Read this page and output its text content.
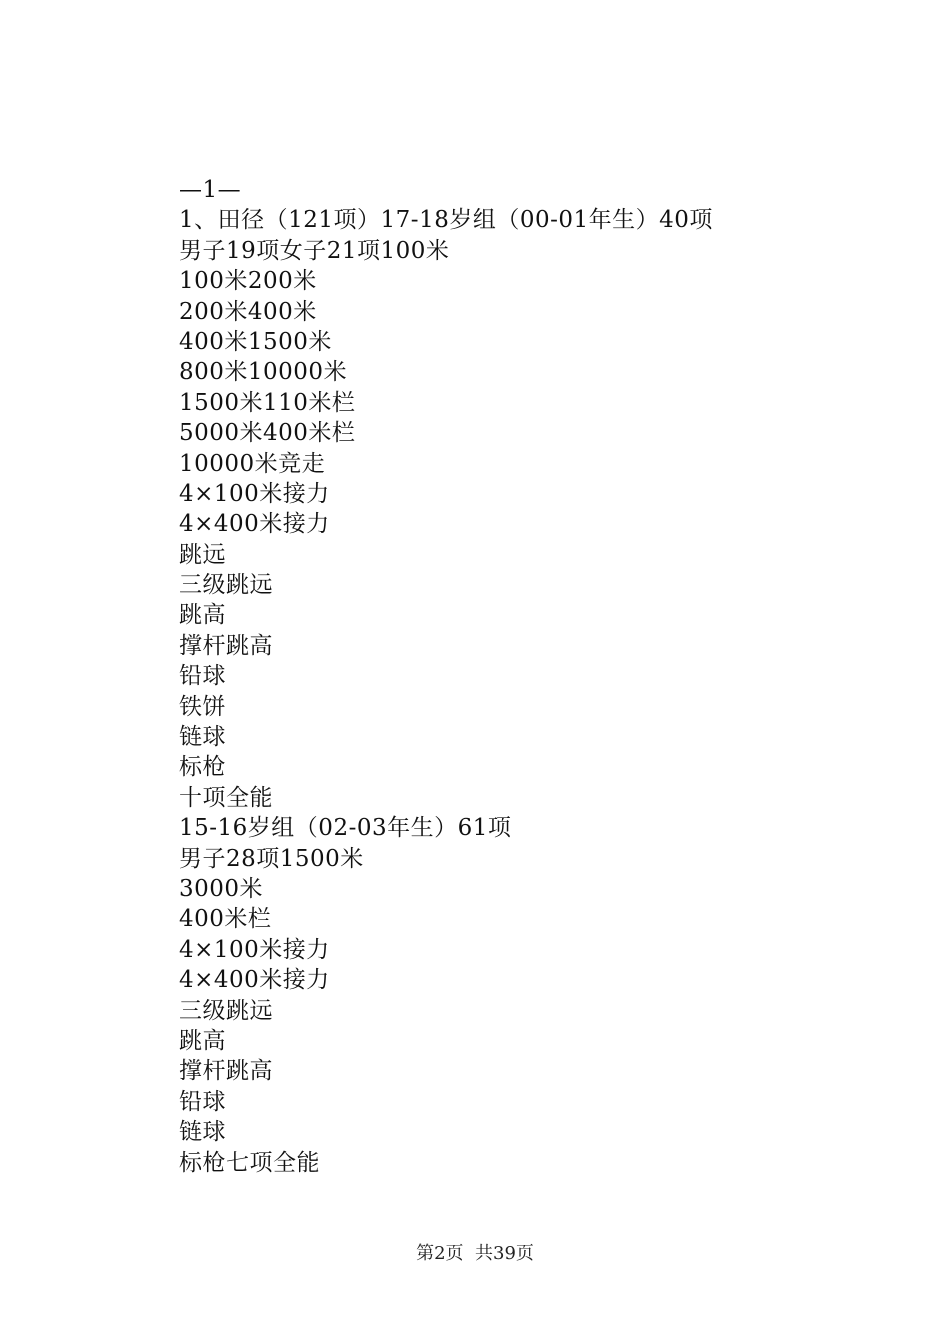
—1—
1、田径（121项）17-18岁组（00-01年生）40项
男子19项女子21项100米
100米200米
200米400米
400米1500米
800米10000米
1500米110米栏
5000米400米栏
10000米竞走
4×100米接力
4×400米接力
跳远
三级跳远
跳高
撑杆跳高
铅球
铁饼
链球
标枪
十项全能
15-16岁组（02-03年生）61项
男子28项1500米
3000米
400米栏
4×100米接力
4×400米接力
三级跳远
跳高
撑杆跳高
铅球
链球
标枪七项全能
第2页  共39页
